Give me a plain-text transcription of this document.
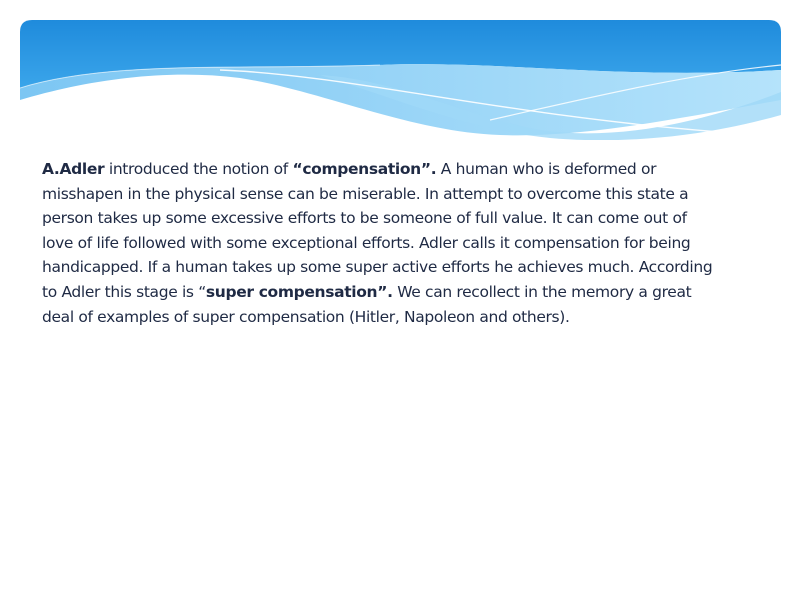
A.Adler introduced the notion of “compensation”. A human who is deformed or misshapen in the physical sense can be miserable. In attempt to overcome this state a person takes up some excessive efforts to be someone of full value. It can come out of love of life followed with some exceptional efforts. Adler calls it compensation for being handicapped. If a human takes up some super active efforts he achieves much. According to Adler this stage is “super compensation”. We can recollect in the memory a great deal of examples of super compensation (Hitler, Napoleon and others).
